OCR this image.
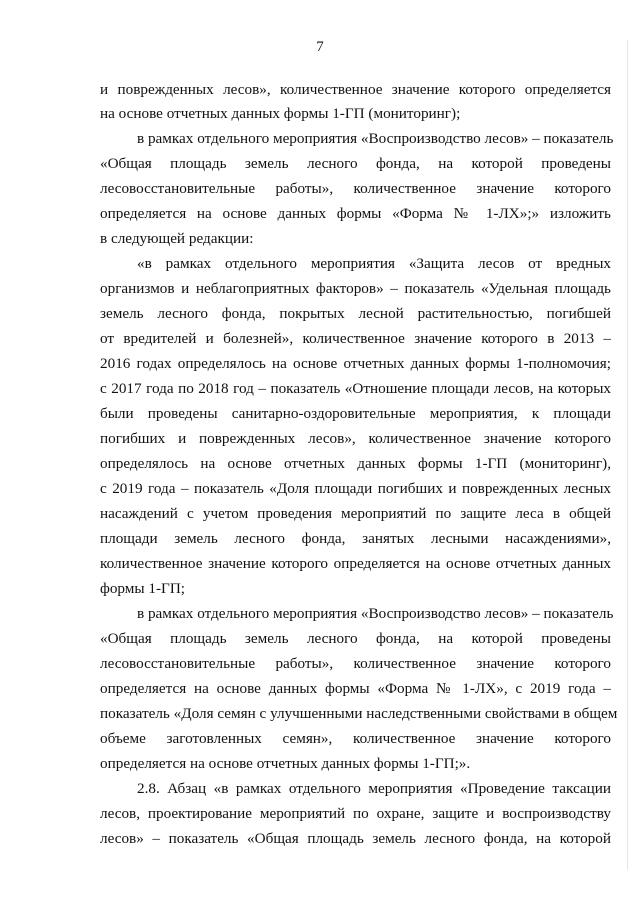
7
и поврежденных лесов», количественное значение которого определяется
на основе отчетных данных формы 1-ГП (мониторинг);
в рамках отдельного мероприятия «Воспроизводство лесов» – показатель
«Общая площадь земель лесного фонда, на которой проведены
лесовосстановительные работы», количественное значение которого
определяется на основе данных формы «Форма № 1-ЛХ»;» изложить
в следующей редакции:
«в рамках отдельного мероприятия «Защита лесов от вредных
организмов и неблагоприятных факторов» – показатель «Удельная площадь
земель лесного фонда, покрытых лесной растительностью, погибшей
от вредителей и болезней», количественное значение которого в 2013 –
2016 годах определялось на основе отчетных данных формы 1-полномочия;
с 2017 года по 2018 год – показатель «Отношение площади лесов, на которых
были проведены санитарно-оздоровительные мероприятия, к площади
погибших и поврежденных лесов», количественное значение которого
определялось на основе отчетных данных формы 1-ГП (мониторинг),
с 2019 года – показатель «Доля площади погибших и поврежденных лесных
насаждений с учетом проведения мероприятий по защите леса в общей
площади земель лесного фонда, занятых лесными насаждениями»,
количественное значение которого определяется на основе отчетных данных
формы 1-ГП;
в рамках отдельного мероприятия «Воспроизводство лесов» – показатель
«Общая площадь земель лесного фонда, на которой проведены
лесовосстановительные работы», количественное значение которого
определяется на основе данных формы «Форма № 1-ЛХ», с 2019 года –
показатель «Доля семян с улучшенными наследственными свойствами в общем
объеме заготовленных семян», количественное значение которого
определяется на основе отчетных данных формы 1-ГП;».
2.8. Абзац «в рамках отдельного мероприятия «Проведение таксации
лесов, проектирование мероприятий по охране, защите и воспроизводству
лесов» – показатель «Общая площадь земель лесного фонда, на которой
